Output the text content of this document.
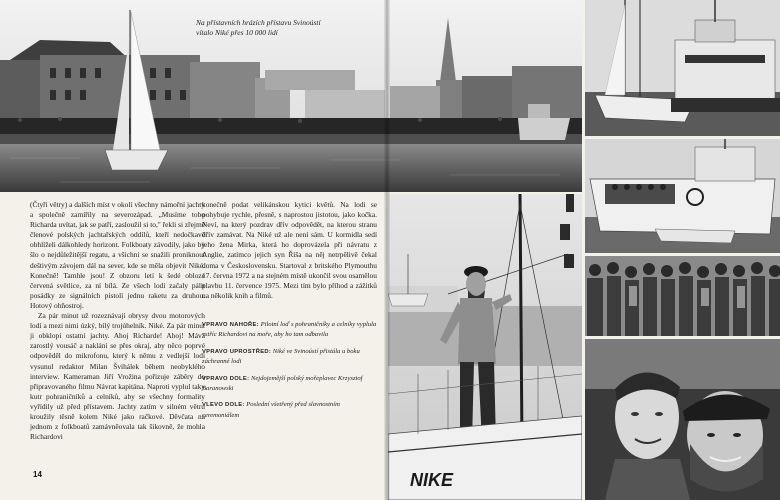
Na přístavních hrázích přístavu Svinoústí vítalo Niké přes 10 000 lidí
NIKE

(Čtyři větry) a dalších míst v okolí všechny námořní jachty a společně zamířily na severozápad. „Musíme tobo Richarda uvítat, jak se patří, zasloužil si to," řekli si zřejmě členové polských jachtařských oddílů, kteří nedočkavě obhlíželi dálkohledy horizont. Folkboaty závodily, jako by šlo o nejdůležitější regatu, a všichni se snažili proniknout deštivým závojem dál na sever, kde se měla objevit Niké. Konečně! Tamhle jsou! Z obzoru letí k šedé obloze červená světlice, za ní bílá. Ze všech lodí začaly pálit posádky ze signálních pistolí jednu raketu za druhou. Hotový ohňostroj.

Za pár minut už rozeznávají obrysy dvou motorových lodí a mezi nimi úzký, bílý trojúhelník. Niké. Za pár minut ji obklopí ostatní jachty. Ahoj Richarde! Ahoj! Mává zarostlý vousáč a naklání se přes okraj, aby něco poprvé odpověděl do mikrofonu, který k němu z vedlejší lodi vysunul redaktor Milan Švihálek během neobyklého interview. Kameraman Jiří Vrožina pořizuje záběry do připravovaného filmu Návrat kapitána. Naproti vyplul taky kutr pohraničníků a celníků, aby se všechny formality vyřídily už před přístavem. Jachty zatím v silném větru kroužily těsně kolem Niké jako račkové. Děvčata na jednom z folkboatů zamávněovala tak šikovně, že mohla Richardovi

konečně podat velikánskou kytici květů. Na lodi se pohybuje rychle, přesně, s naprostou jistotou, jako kočka. Neví, na který pozdrav dřív odpovědět, na kterou stranu dřív zamávat. Na Niké už ale není sám. U kormidla sedí jeho žena Mirka, která ho doprovázela při návratu z Anglie, zatímco jejich syn Říša na něj netrpělivě čekal doma v Československu. Startoval z britského Plymouthu 17. června 1972 a na stejném místě ukončil svou osamělou plavbu 11. července 1975. Mezi tím bylo příhod a zážitků na několik knih a filmů.

VPRAVO NAHOŘE: Pilotní loď s pohraničníky a celníky vyplula vstříc Richardovi na moře, aby ho tam odbavila
VPRAVO UPROSTŘED: Niké ve Svinoústí přistála u boku záchranné lodi
VPRAVO DOLE: Nejdojemější polský mořeplavec Krzysztof Baranowski
VLEVO DOLE: Poslední všetřený před slavnostním ceremoniálem
14
